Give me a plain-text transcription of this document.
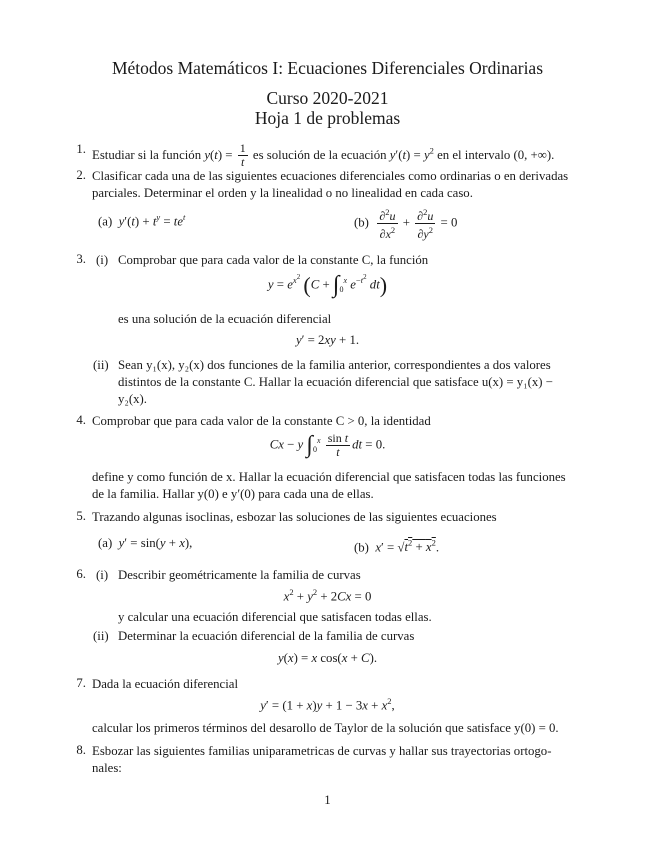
Métodos Matemáticos I: Ecuaciones Diferenciales Ordinarias
Curso 2020-2021
Hoja 1 de problemas
1. Estudiar si la función $y(t) = \frac{1}{t}$ es solución de la ecuación $y'(t) = y^2$ en el intervalo (0, +∞).
2. Clasificar cada una de las siguientes ecuaciones diferenciales como ordinarias o en derivadas
parciales. Determinar el orden y la linealidad o no linealidad en cada caso.
(a) $y'(t) + t^y = te^t$	$(b) \frac{\partial^2u}{\partial x^2} + \frac{\partial^2u}{\partial y^2} = 0$
3. (i) Comprobar que para cada valor de la constante C, la función
$y = e^{x^2}$ ($C + \int_0^x$ $e^{-t^2}$ dt)
es una solución de la ecuación diferencial
y′ = 2xy + 1.
(ii) Sean y₁(x), y₂(x) dos funciones de la familia anterior, correspondientes a dos valores
distintos de la constante C. Hallar la ecuación diferencial que satisface u(x) = y₁(x) −
y₂(x).
4. Comprobar que para cada valor de la constante C > 0, la identidad
Cx − y $\int_0^x \frac{\text{sin t}}{t}$ dt = 0.
define y como función de x. Hallar la ecuación diferencial que satisfacen todas las funciones
de la familia. Hallar y(0) e y′(0) para cada una de ellas.
5. Trazando algunas isoclinas, esbozar las soluciones de las siguientes ecuaciones
(a) y′ = sin(y + x),	(b) $x' = √t^2 + x^2$.
6. (i) Describir geométricamente la familia de curvas
$x^2 + y^2 + 2Cx = 0$
y calcular una ecuación diferencial que satisfacen todas ellas.
(ii) Determinar la ecuación diferencial de la familia de curvas
y(x) = x cos(x + C).
7. Dada la ecuación diferencial
$y' = (1 + x)y + 1 - 3x + x^2$,
calcular los primeros términos del desarollo de Taylor de la solución que satisface y(0) = 0.
8. Esbozar las siguientes familias uniparametricas de curvas y hallar sus trayectorias ortogo-
nales:
1
